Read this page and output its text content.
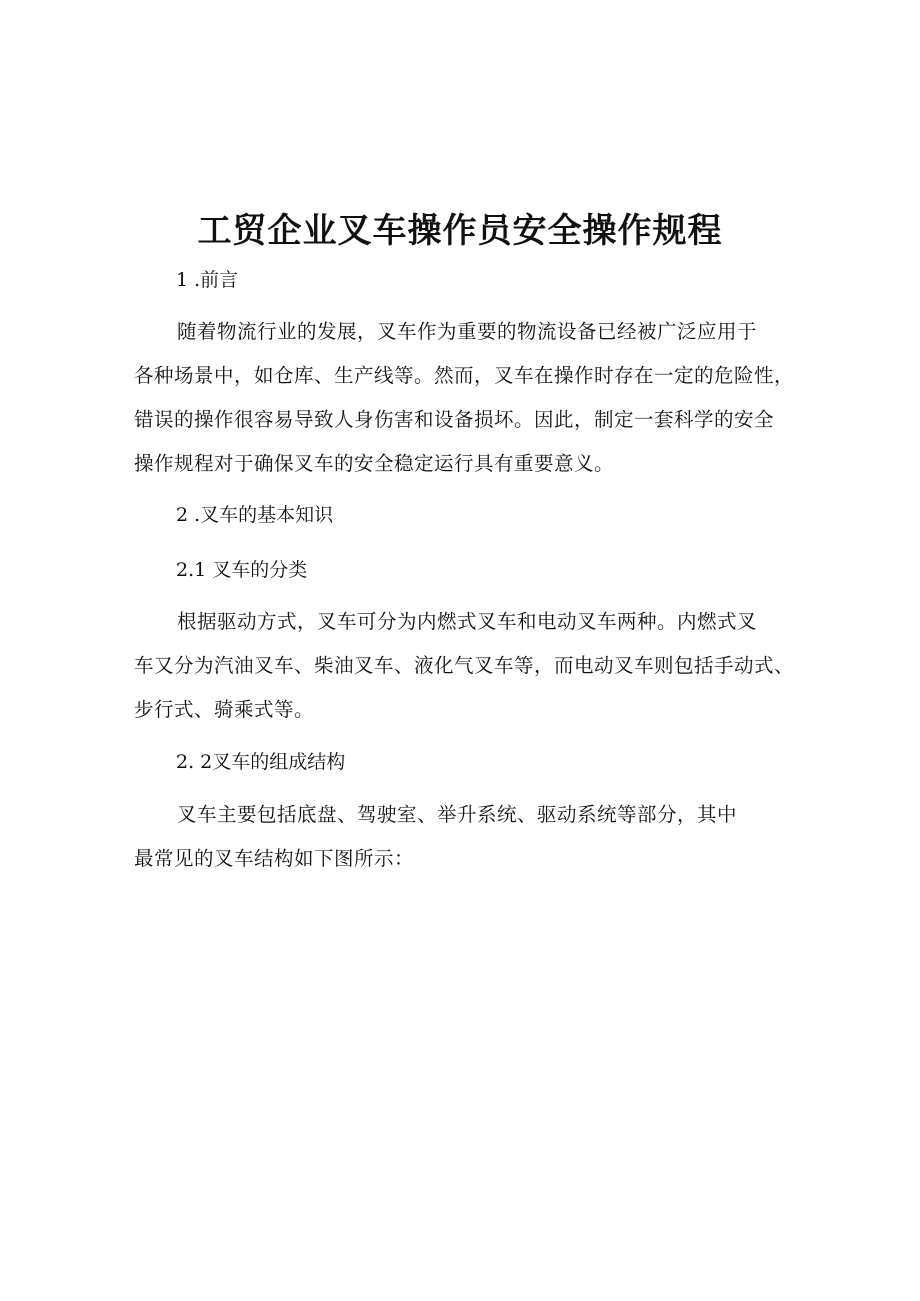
工贸企业叉车操作员安全操作规程
1 .前言
随着物流行业的发展，叉车作为重要的物流设备已经被广泛应用于
各种场景中，如仓库、生产线等。然而，叉车在操作时存在一定的危险性，
错误的操作很容易导致人身伤害和设备损坏。因此，制定一套科学的安全
操作规程对于确保叉车的安全稳定运行具有重要意义。
2 .叉车的基本知识
2.1 叉车的分类
根据驱动方式，叉车可分为内燃式叉车和电动叉车两种。内燃式叉
车又分为汽油叉车、柴油叉车、液化气叉车等，而电动叉车则包括手动式、
步行式、骑乘式等。
2. 2叉车的组成结构
叉车主要包括底盘、驾驶室、举升系统、驱动系统等部分，其中
最常见的叉车结构如下图所示：
